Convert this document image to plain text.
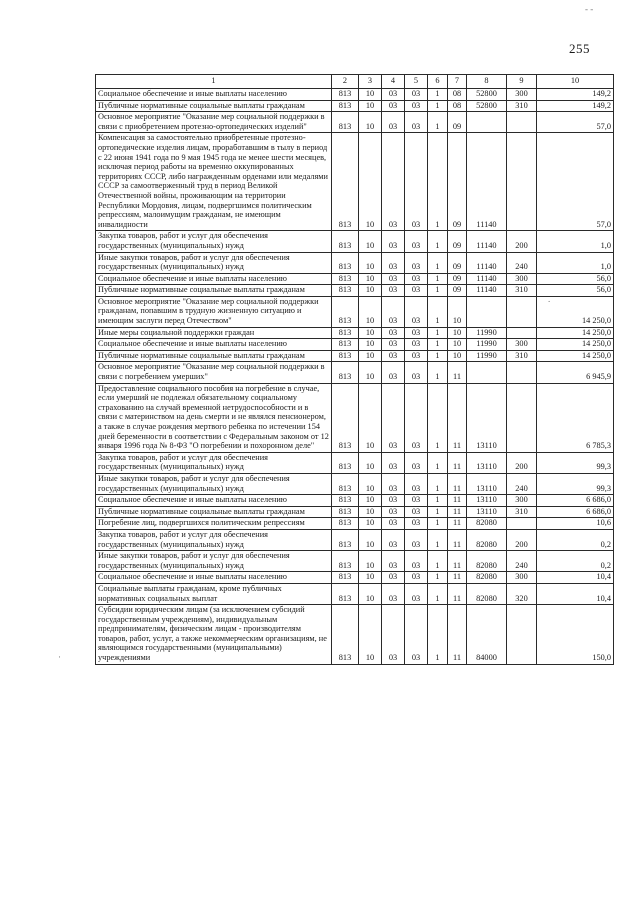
255
- -
·
.
1	2	3	4	5	6	7	8	9	10
Социальное обеспечение и иные выплаты населению	813	10	03	03	1	08	52800	300	149,2
Публичные нормативные социальные выплаты гражданам	813	10	03	03	1	08	52800	310	149,2
Основное мероприятие "Оказание мер социальной поддержки в связи с приобретением протезно-ортопедических изделий"	813	10	03	03	1	09			57,0
Компенсация за самостоятельно приобретенные протезно-ортопедические изделия лицам, проработавшим в тылу в период с 22 июня 1941 года по 9 мая 1945 года не менее шести месяцев, исключая период работы на временно оккупированных территориях СССР, либо награжденным орденами или медалями СССР за самоотверженный труд в период Великой Отечественной войны, проживающим на территории Республики Мордовия, лицам, подвергшимся политическим репрессиям, малоимущим гражданам, не имеющим инвалидности	813	10	03	03	1	09	11140		57,0
Закупка товаров, работ и услуг для обеспечения государственных (муниципальных) нужд	813	10	03	03	1	09	11140	200	1,0
Иные закупки товаров, работ и услуг для обеспечения государственных (муниципальных) нужд	813	10	03	03	1	09	11140	240	1,0
Социальное обеспечение и иные выплаты населению	813	10	03	03	1	09	11140	300	56,0
Публичные нормативные социальные выплаты гражданам	813	10	03	03	1	09	11140	310	56,0
Основное мероприятие "Оказание мер социальной поддержки гражданам, попавшим в трудную жизненную ситуацию и имеющим заслуги перед Отечеством"	813	10	03	03	1	10			14 250,0
Иные меры социальной поддержки граждан	813	10	03	03	1	10	11990		14 250,0
Социальное обеспечение и иные выплаты населению	813	10	03	03	1	10	11990	300	14 250,0
Публичные нормативные социальные выплаты гражданам	813	10	03	03	1	10	11990	310	14 250,0
Основное мероприятие "Оказание мер социальной поддержки в связи с погребением умерших"	813	10	03	03	1	11			6 945,9
Предоставление социального пособия на погребение в случае, если умерший не подлежал обязательному социальному страхованию на случай временной нетрудоспособности и в связи с материнством на день смерти и не являлся пенсионером, а также в случае рождения мертвого ребенка по истечении 154 дней беременности в соответствии с Федеральным законом от 12 января 1996 года № 8-ФЗ "О погребении и похоронном деле"	813	10	03	03	1	11	13110		6 785,3
Закупка товаров, работ и услуг для обеспечения государственных (муниципальных) нужд	813	10	03	03	1	11	13110	200	99,3
Иные закупки товаров, работ и услуг для обеспечения государственных (муниципальных) нужд	813	10	03	03	1	11	13110	240	99,3
Социальное обеспечение и иные выплаты населению	813	10	03	03	1	11	13110	300	6 686,0
Публичные нормативные социальные выплаты гражданам	813	10	03	03	1	11	13110	310	6 686,0
Погребение лиц, подвергшихся политическим репрессиям	813	10	03	03	1	11	82080		10,6
Закупка товаров, работ и услуг для обеспечения государственных (муниципальных) нужд	813	10	03	03	1	11	82080	200	0,2
Иные закупки товаров, работ и услуг для обеспечения государственных (муниципальных) нужд	813	10	03	03	1	11	82080	240	0,2
Социальное обеспечение и иные выплаты населению	813	10	03	03	1	11	82080	300	10,4
Социальные выплаты гражданам, кроме публичных нормативных социальных выплат	813	10	03	03	1	11	82080	320	10,4
Субсидии юридическим лицам (за исключением субсидий государственным учреждениям), индивидуальным предпринимателям, физическим лицам - производителям товаров, работ, услуг, а также некоммерческим организациям, не являющимся государственными (муниципальными) учреждениями	813	10	03	03	1	11	84000		150,0
